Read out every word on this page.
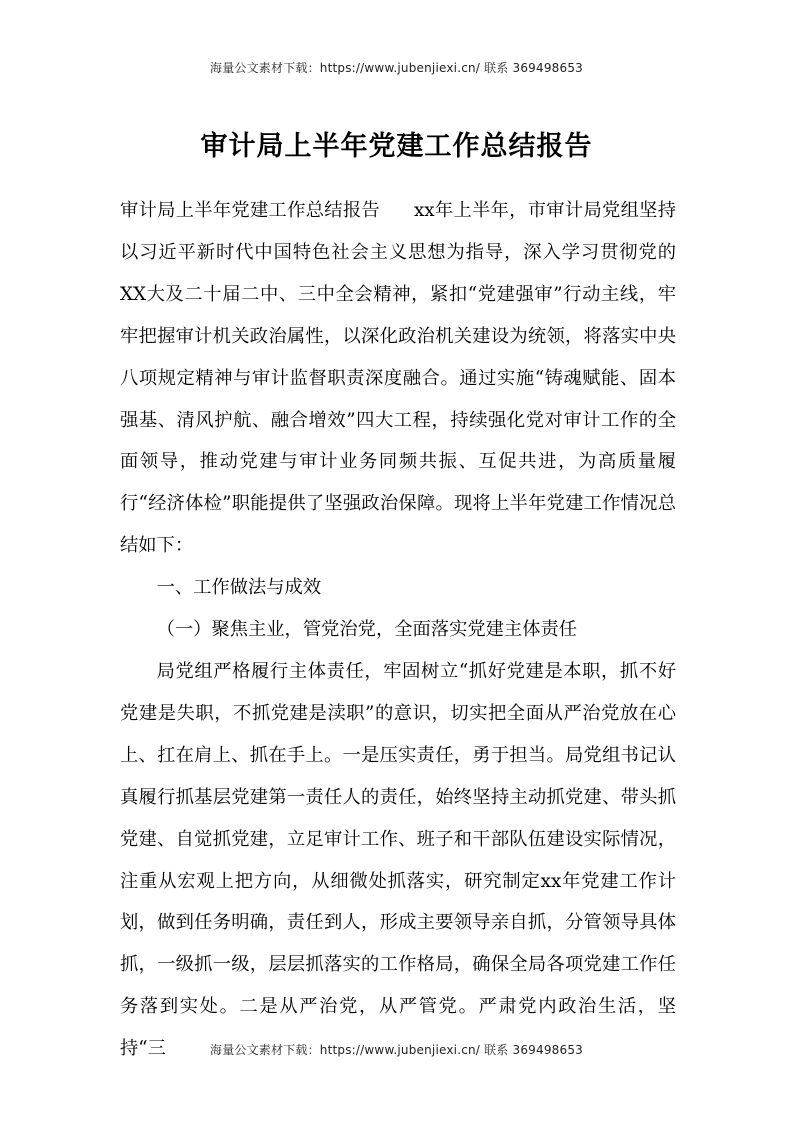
海量公文素材下载：https://www.jubenjiexi.cn/ 联系 369498653
审计局上半年党建工作总结报告

审计局上半年党建工作总结报告 xx年上半年，市审计局党组坚持以习近平新时代中国特色社会主义思想为指导，深入学习贯彻党的XX大及二十届二中、三中全会精神，紧扣“党建强审”行动主线，牢牢把握审计机关政治属性，以深化政治机关建设为统领，将落实中央八项规定精神与审计监督职责深度融合。通过实施“铸魂赋能、固本强基、清风护航、融合增效”四大工程，持续强化党对审计工作的全面领导，推动党建与审计业务同频共振、互促共进，为高质量履行“经济体检”职能提供了坚强政治保障。现将上半年党建工作情况总结如下：

一、工作做法与成效

（一）聚焦主业，管党治党，全面落实党建主体责任

局党组严格履行主体责任，牢固树立“抓好党建是本职，抓不好党建是失职，不抓党建是渎职”的意识，切实把全面从严治党放在心上、扛在肩上、抓在手上。一是压实责任，勇于担当。局党组书记认真履行抓基层党建第一责任人的责任，始终坚持主动抓党建、带头抓党建、自觉抓党建，立足审计工作、班子和干部队伍建设实际情况，注重从宏观上把方向，从细微处抓落实，研究制定xx年党建工作计划，做到任务明确，责任到人，形成主要领导亲自抓，分管领导具体抓，一级抓一级，层层抓落实的工作格局，确保全局各项党建工作任务落到实处。二是从严治党，从严管党。严肃党内政治生活，坚持“三	海量公文素材下载：https://www.jubenjiexi.cn/ 联系 369498653
